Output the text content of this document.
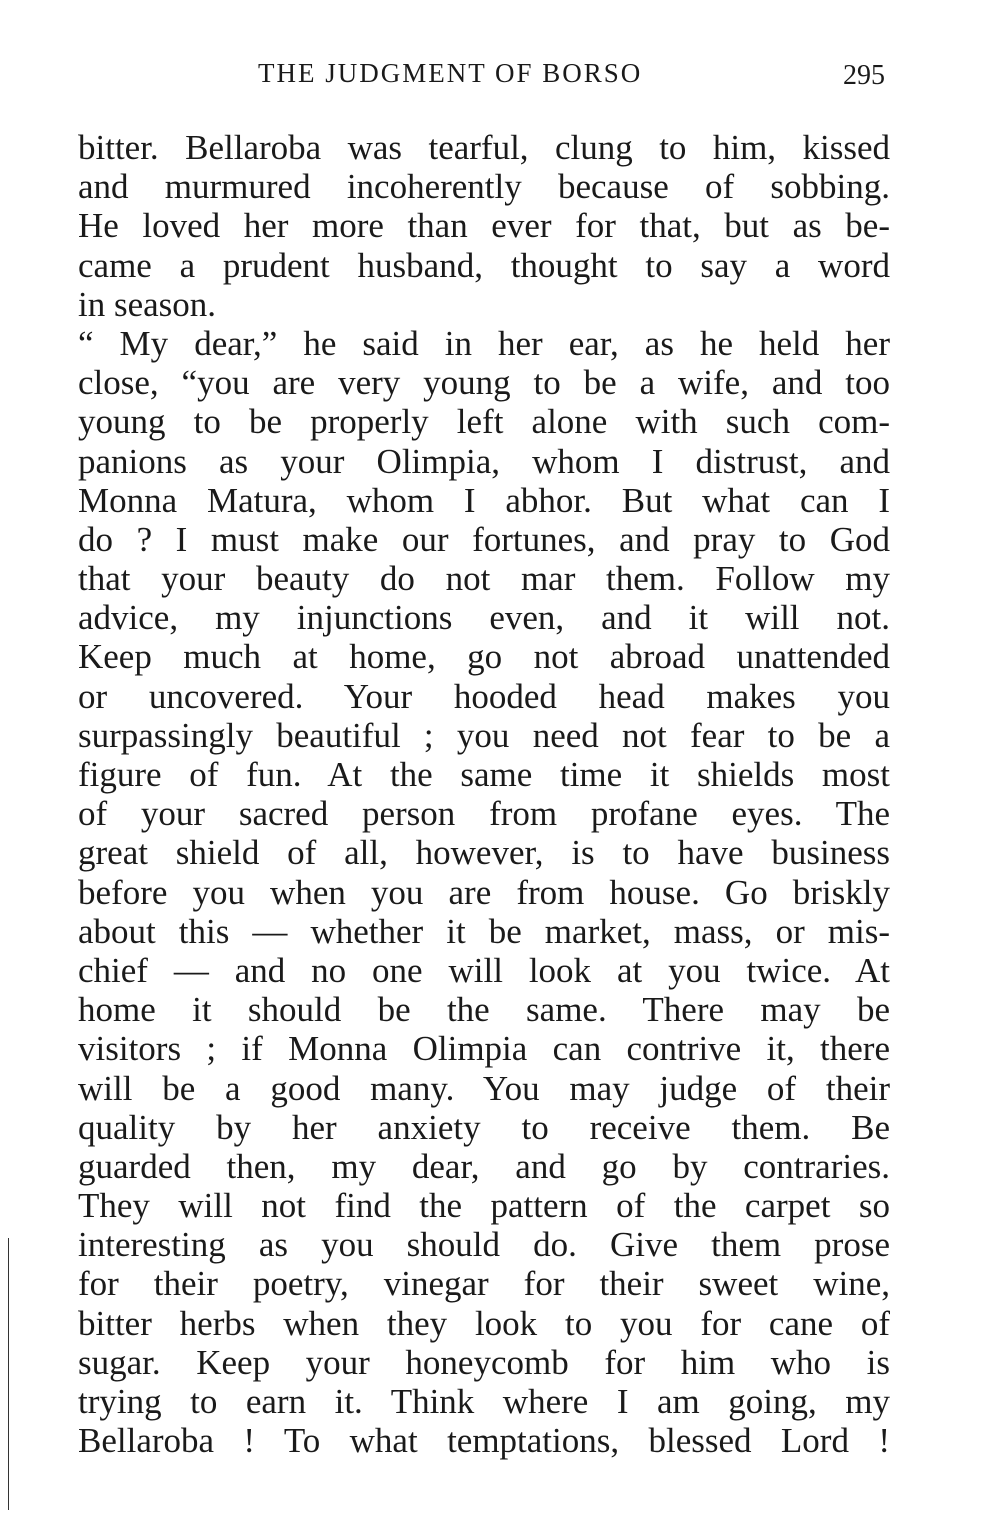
THE JUDGMENT OF BORSO	295
bitter. Bellaroba was tearful, clung to him, kissed
and murmured incoherently because of sobbing.
He loved her more than ever for that, but as be-
came a prudent husband, thought to say a word
in season.
“ My dear,” he said in her ear, as he held her
close, “you are very young to be a wife, and too
young to be properly left alone with such com-
panions as your Olimpia, whom I distrust, and
Monna Matura, whom I abhor. But what can I
do ? I must make our fortunes, and pray to God
that your beauty do not mar them. Follow my
advice, my injunctions even, and it will not.
Keep much at home, go not abroad unattended
or uncovered. Your hooded head makes you
surpassingly beautiful ; you need not fear to be a
figure of fun. At the same time it shields most
of your sacred person from profane eyes. The
great shield of all, however, is to have business
before you when you are from house. Go briskly
about this — whether it be market, mass, or mis-
chief — and no one will look at you twice. At
home it should be the same. There may be
visitors ; if Monna Olimpia can contrive it, there
will be a good many. You may judge of their
quality by her anxiety to receive them. Be
guarded then, my dear, and go by contraries.
They will not find the pattern of the carpet so
interesting as you should do. Give them prose
for their poetry, vinegar for their sweet wine,
bitter herbs when they look to you for cane of
sugar. Keep your honeycomb for him who is
trying to earn it. Think where I am going, my
Bellaroba ! To what temptations, blessed Lord !
